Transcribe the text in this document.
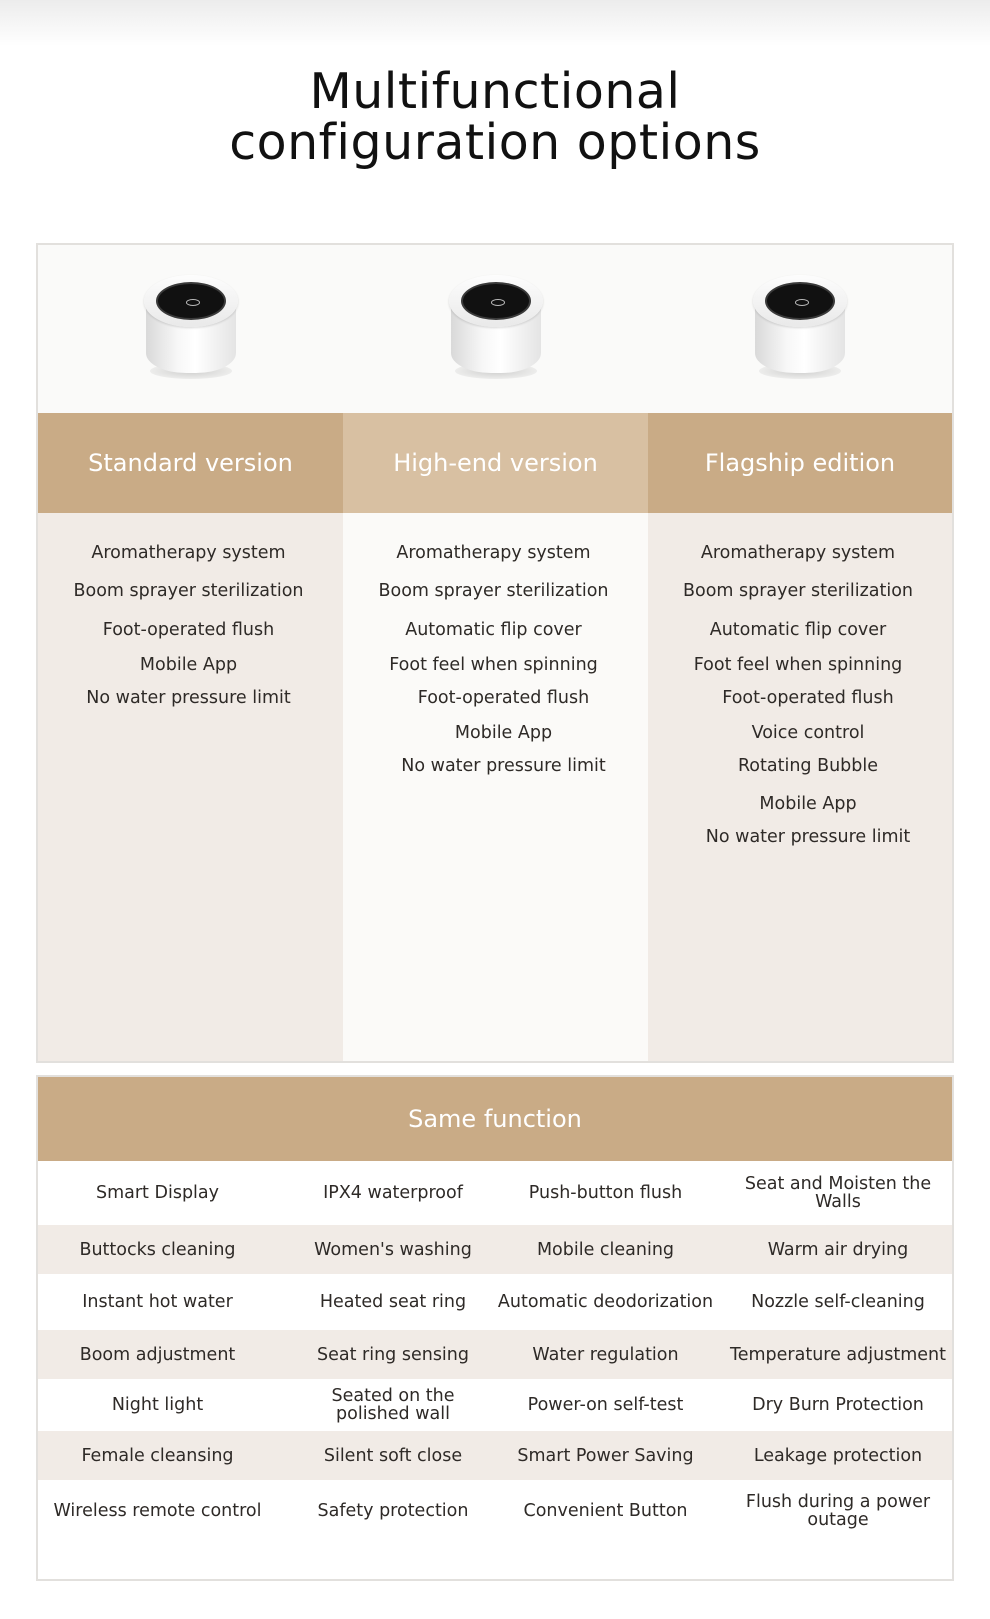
Multifunctional
configuration options
Standard version
Aromatherapy system
Boom sprayer sterilization
Foot-operated flush
Mobile App
No water pressure limit
High-end version
Aromatherapy system
Boom sprayer sterilization
Automatic flip cover
Foot feel when spinning
Foot-operated flush
Mobile App
No water pressure limit
Flagship edition
Aromatherapy system
Boom sprayer sterilization
Automatic flip cover
Foot feel when spinning
Foot-operated flush
Voice control
Rotating Bubble
Mobile App
No water pressure limit
Same function
Smart Display	IPX4 waterproof	Push-button flush	Seat and Moisten the Walls
Buttocks cleaning	Women's washing	Mobile cleaning	Warm air drying
Instant hot water	Heated seat ring	Automatic deodorization	Nozzle self-cleaning
Boom adjustment	Seat ring sensing	Water regulation	Temperature adjustment
Night light	Seated on the polished wall	Power-on self-test	Dry Burn Protection
Female cleansing	Silent soft close	Smart Power Saving	Leakage protection
Wireless remote control	Safety protection	Convenient Button	Flush during a power outage
